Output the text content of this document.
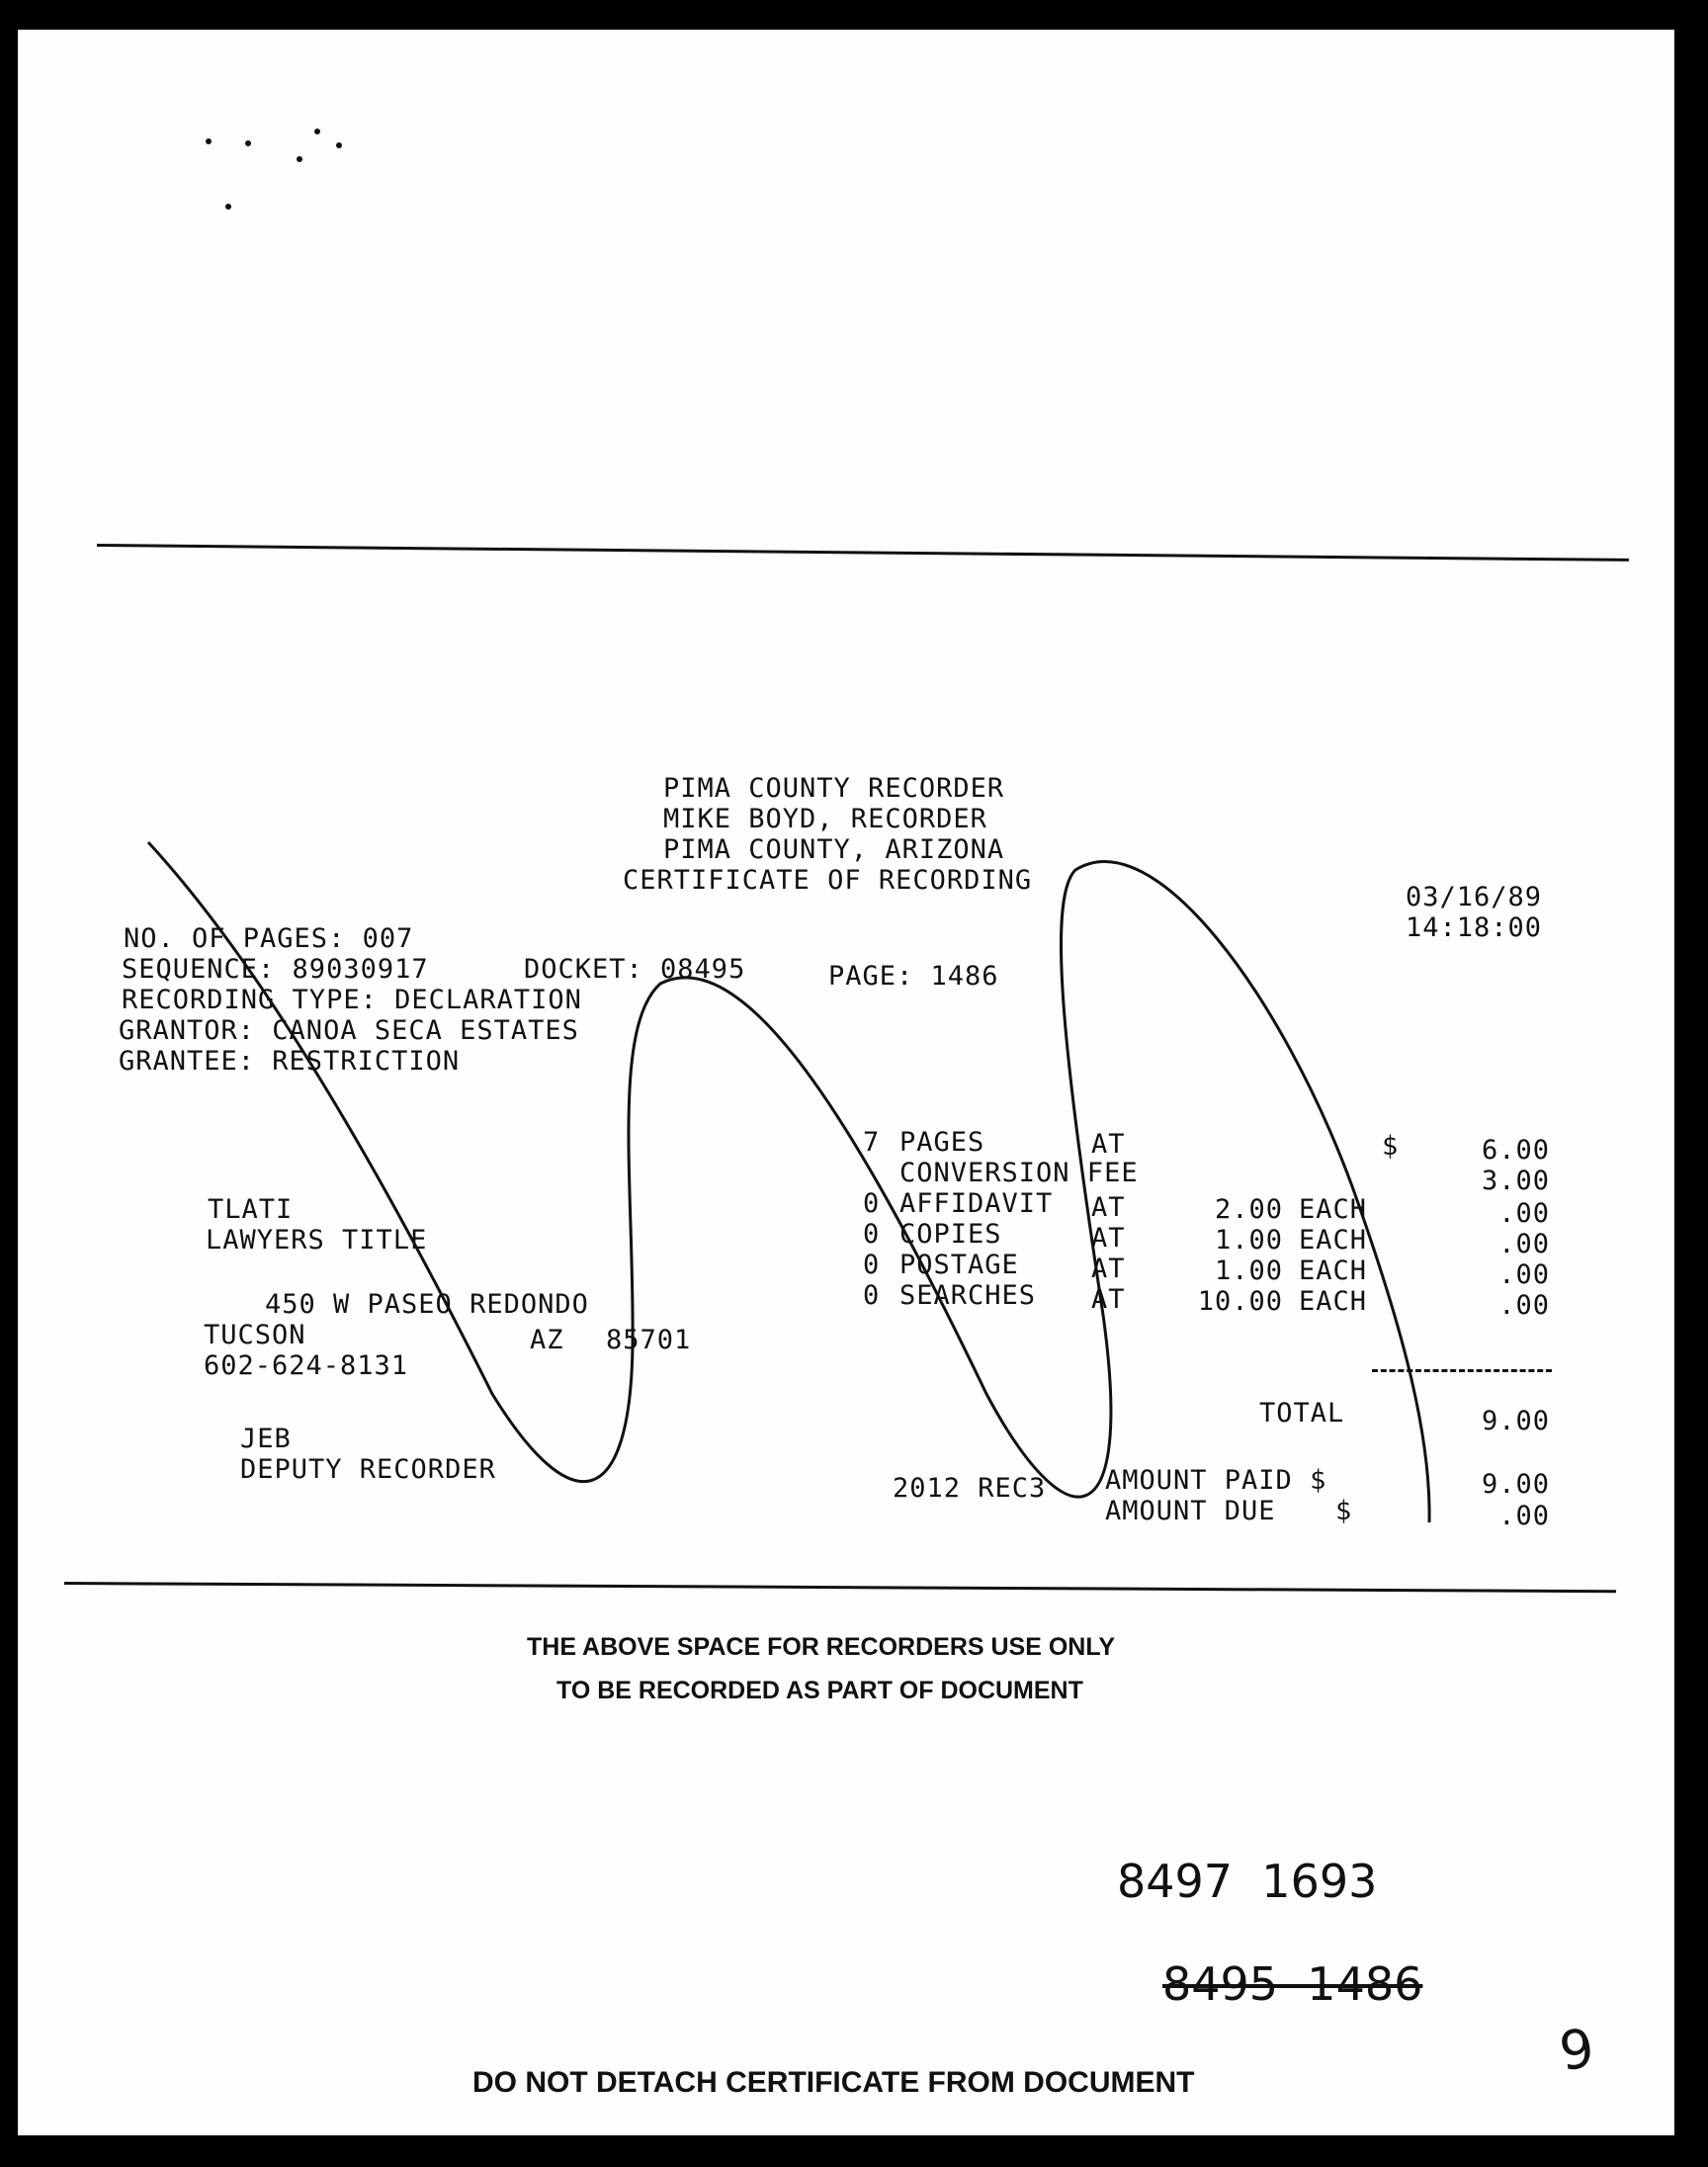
PIMA COUNTY RECORDER
MIKE BOYD, RECORDER
PIMA COUNTY, ARIZONA
CERTIFICATE OF RECORDING
03/16/89
14:18:00
NO. OF PAGES: 007
SEQUENCE: 89030917	DOCKET: 08495	PAGE: 1486
RECORDING TYPE: DECLARATION
GRANTOR: CANOA SECA ESTATES
GRANTEE: RESTRICTION
TLATI
LAWYERS TITLE
450 W PASEO REDONDO
TUCSON	AZ 85701
602-624-8131
JEB
DEPUTY RECORDER
2012 REC3
$
7 PAGES	AT	6.00
CONVERSION FEE	3.00
0 AFFIDAVIT AT	2.00 EACH	.00
0 COPIES	AT	1.00 EACH	.00
0 POSTAGE	AT	1.00 EACH	.00
0 SEARCHES AT	10.00 EACH	.00
TOTAL	9.00
AMOUNT PAID $	9.00
AMOUNT DUE $	.00
THE ABOVE SPACE FOR RECORDERS USE ONLY
TO BE RECORDED AS PART OF DOCUMENT
8497  1693
8495  1486
9
DO NOT DETACH CERTIFICATE FROM DOCUMENT
